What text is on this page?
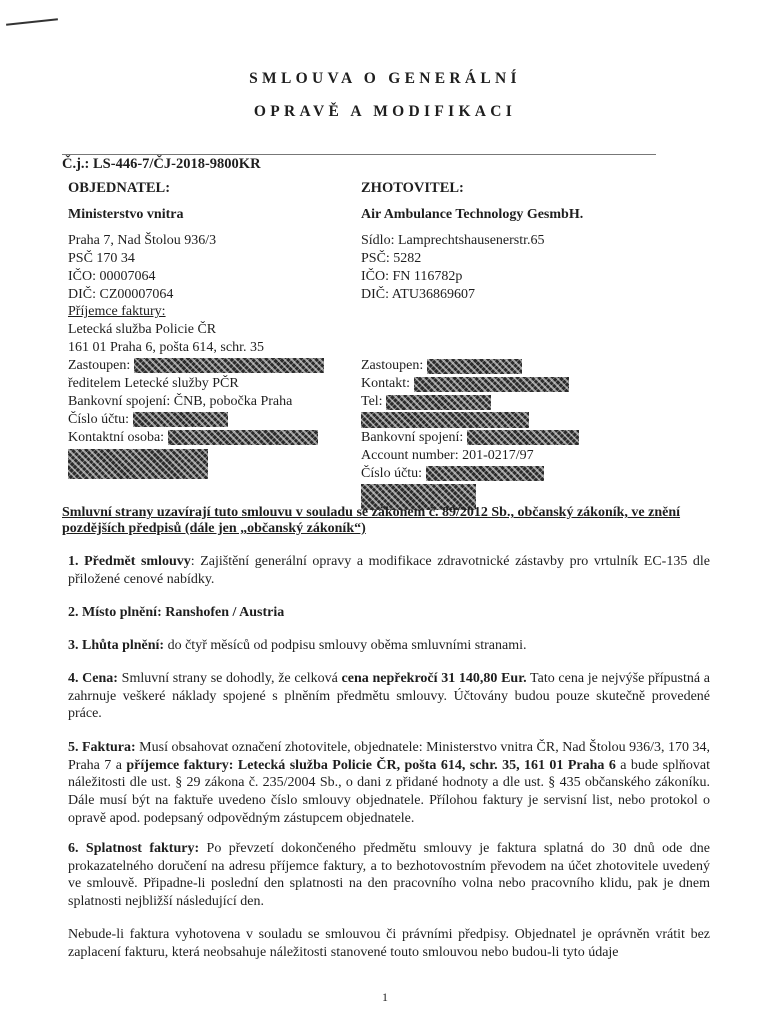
SMLOUVA O GENERÁLNÍ
OPRAVĚ A MODIFIKACI
Č.j.: LS-446-7/ČJ-2018-9800KR
OBJEDNATEL:
Ministerstvo vnitra
Praha 7, Nad Štolou 936/3
PSČ 170 34
IČO: 00007064
DIČ: CZ00007064
Příjemce faktury:
Letecká služba Policie ČR
161 01 Praha 6, pošta 614, schr. 35
Zastoupen:
ředitelem Letecké služby PČR
Bankovní spojení: ČNB, pobočka Praha
Číslo účtu:
Kontaktní osoba:
ZHOTOVITEL:
Air Ambulance Technology GesmbH.
Sídlo: Lamprechtshausenerstr.65
PSČ: 5282
IČO: FN 116782p
DIČ: ATU36869607
Zastoupen:
Kontakt:
Tel:
Bankovní spojení:
Account number: 201-0217/97
Číslo účtu:
Smluvní strany uzavírají tuto smlouvu v souladu se zákonem č. 89/2012 Sb., občanský zákoník, ve znění pozdějších předpisů (dále jen „občanský zákoník“)
1. Předmět smlouvy: Zajištění generální opravy a modifikace zdravotnické zástavby pro vrtulník EC-135 dle přiložené cenové nabídky.
2. Místo plnění: Ranshofen / Austria
3. Lhůta plnění: do čtyř měsíců od podpisu smlouvy oběma smluvními stranami.
4. Cena: Smluvní strany se dohodly, že celková cena nepřekročí 31 140,80 Eur. Tato cena je nejvýše přípustná a zahrnuje veškeré náklady spojené s plněním předmětu smlouvy. Účtovány budou pouze skutečně provedené práce.
5. Faktura: Musí obsahovat označení zhotovitele, objednatele: Ministerstvo vnitra ČR, Nad Štolou 936/3, 170 34, Praha 7 a příjemce faktury: Letecká služba Policie ČR, pošta 614, schr. 35, 161 01 Praha 6 a bude splňovat náležitosti dle ust. § 29 zákona č. 235/2004 Sb., o dani z přidané hodnoty a dle ust. § 435 občanského zákoníku. Dále musí být na faktuře uvedeno číslo smlouvy objednatele. Přílohou faktury je servisní list, nebo protokol o opravě apod. podepsaný odpovědným zástupcem objednatele.
6. Splatnost faktury: Po převzetí dokončeného předmětu smlouvy je faktura splatná do 30 dnů ode dne prokazatelného doručení na adresu příjemce faktury, a to bezhotovostním převodem na účet zhotovitele uvedený ve smlouvě. Připadne-li poslední den splatnosti na den pracovního volna nebo pracovního klidu, pak je dnem splatnosti nejbližší následující den.
Nebude-li faktura vyhotovena v souladu se smlouvou či právními předpisy. Objednatel je oprávněn vrátit bez zaplacení fakturu, která neobsahuje náležitosti stanovené touto smlouvou nebo budou-li tyto údaje
1
